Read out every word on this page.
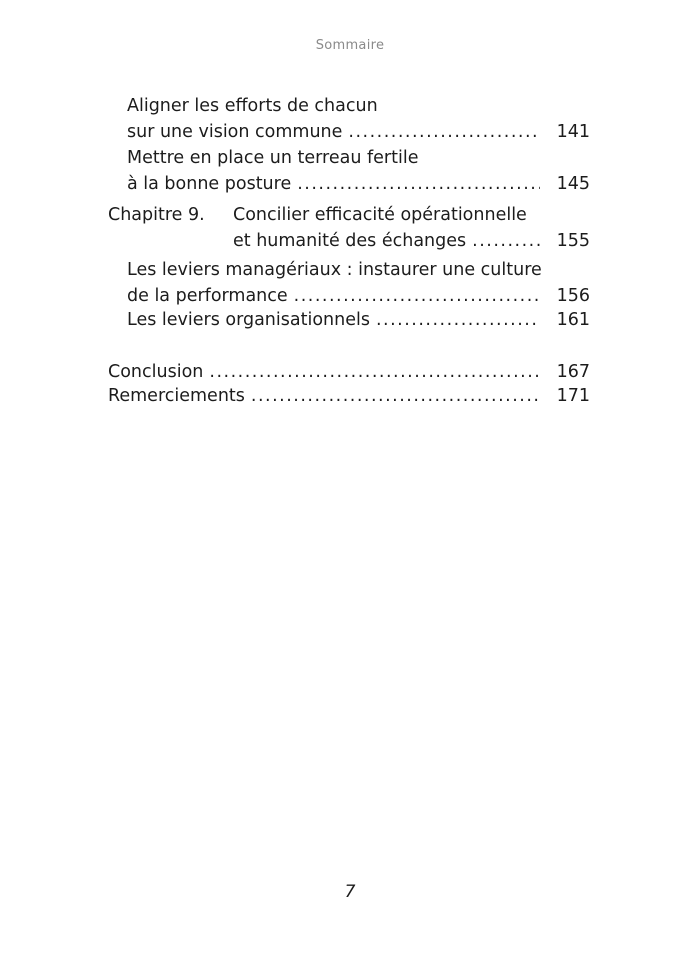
Sommaire
Aligner les efforts de chacun
sur une vision commune .....	141
Mettre en place un terreau fertile
à la bonne posture .....	145
Chapitre 9. Concilier efficacité opérationnelle
et humanité des échanges .....	155
Les leviers managériaux : instaurer une culture
de la performance .....	156
Les leviers organisationnels .....	161
Conclusion .....	167
Remerciements .....	171
7
